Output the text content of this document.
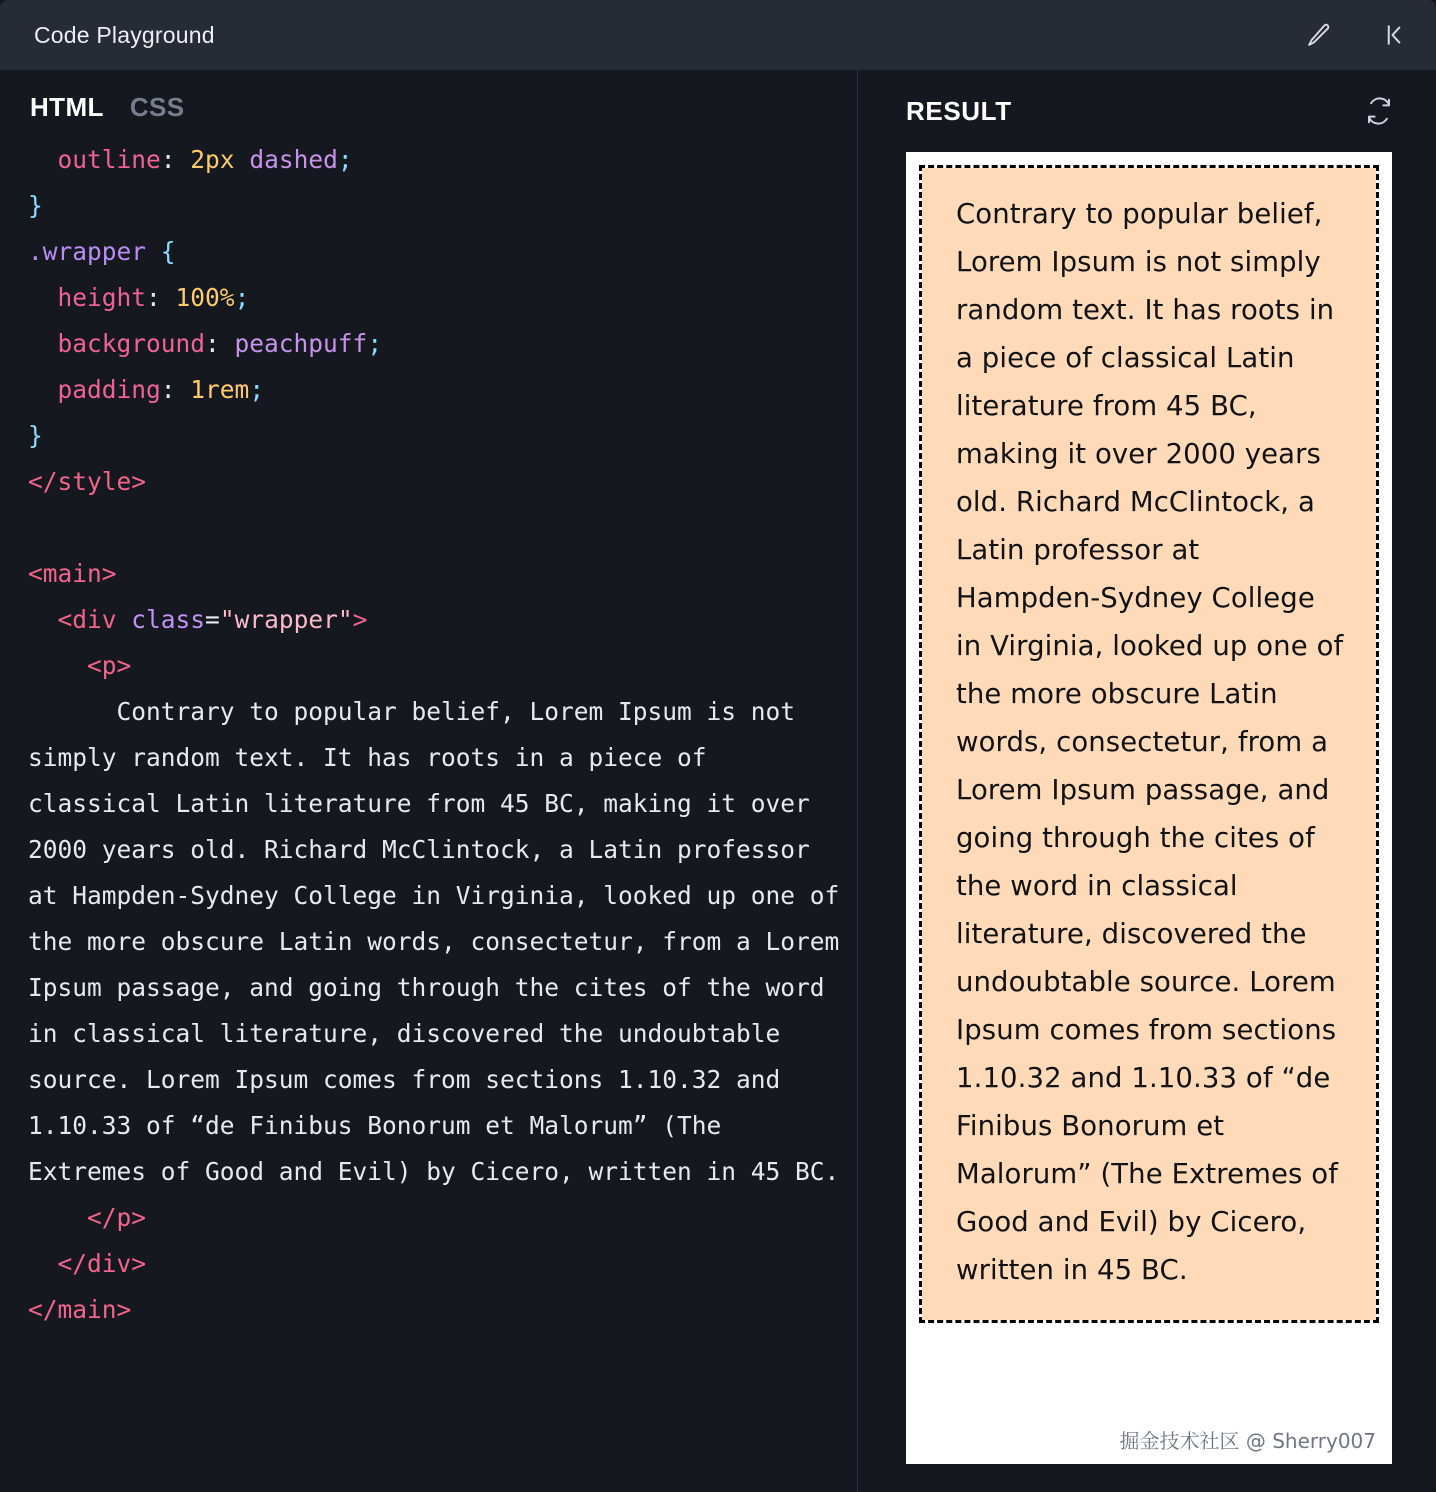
Code Playground
HTML CSS
outline: 2px dashed;
}
.wrapper {
height: 100%;
background: peachpuff;
padding: 1rem;
}
</style>

<main>
<div class="wrapper">
<p>
Contrary to popular belief, Lorem Ipsum is not simply random text. It has roots in a piece of classical Latin literature from 45 BC, making it over 2000 years old. Richard McClintock, a Latin professor at Hampden-Sydney College in Virginia, looked up one of the more obscure Latin words, consectetur, from a Lorem Ipsum passage, and going through the cites of the word in classical literature, discovered the undoubtable source. Lorem Ipsum comes from sections 1.10.32 and 1.10.33 of “de Finibus Bonorum et Malorum” (The Extremes of Good and Evil) by Cicero, written in 45 BC.
</p>
</div>
</main>
RESULT

Contrary to popular belief, Lorem Ipsum is not simply random text. It has roots in a piece of classical Latin literature from 45 BC, making it over 2000 years old. Richard McClintock, a Latin professor at Hampden-Sydney College in Virginia, looked up one of the more obscure Latin words, consectetur, from a Lorem Ipsum passage, and going through the cites of the word in classical literature, discovered the undoubtable source. Lorem Ipsum comes from sections 1.10.32 and 1.10.33 of “de Finibus Bonorum et Malorum” (The Extremes of Good and Evil) by Cicero, written in 45 BC.

掘金技术社区 @ Sherry007
